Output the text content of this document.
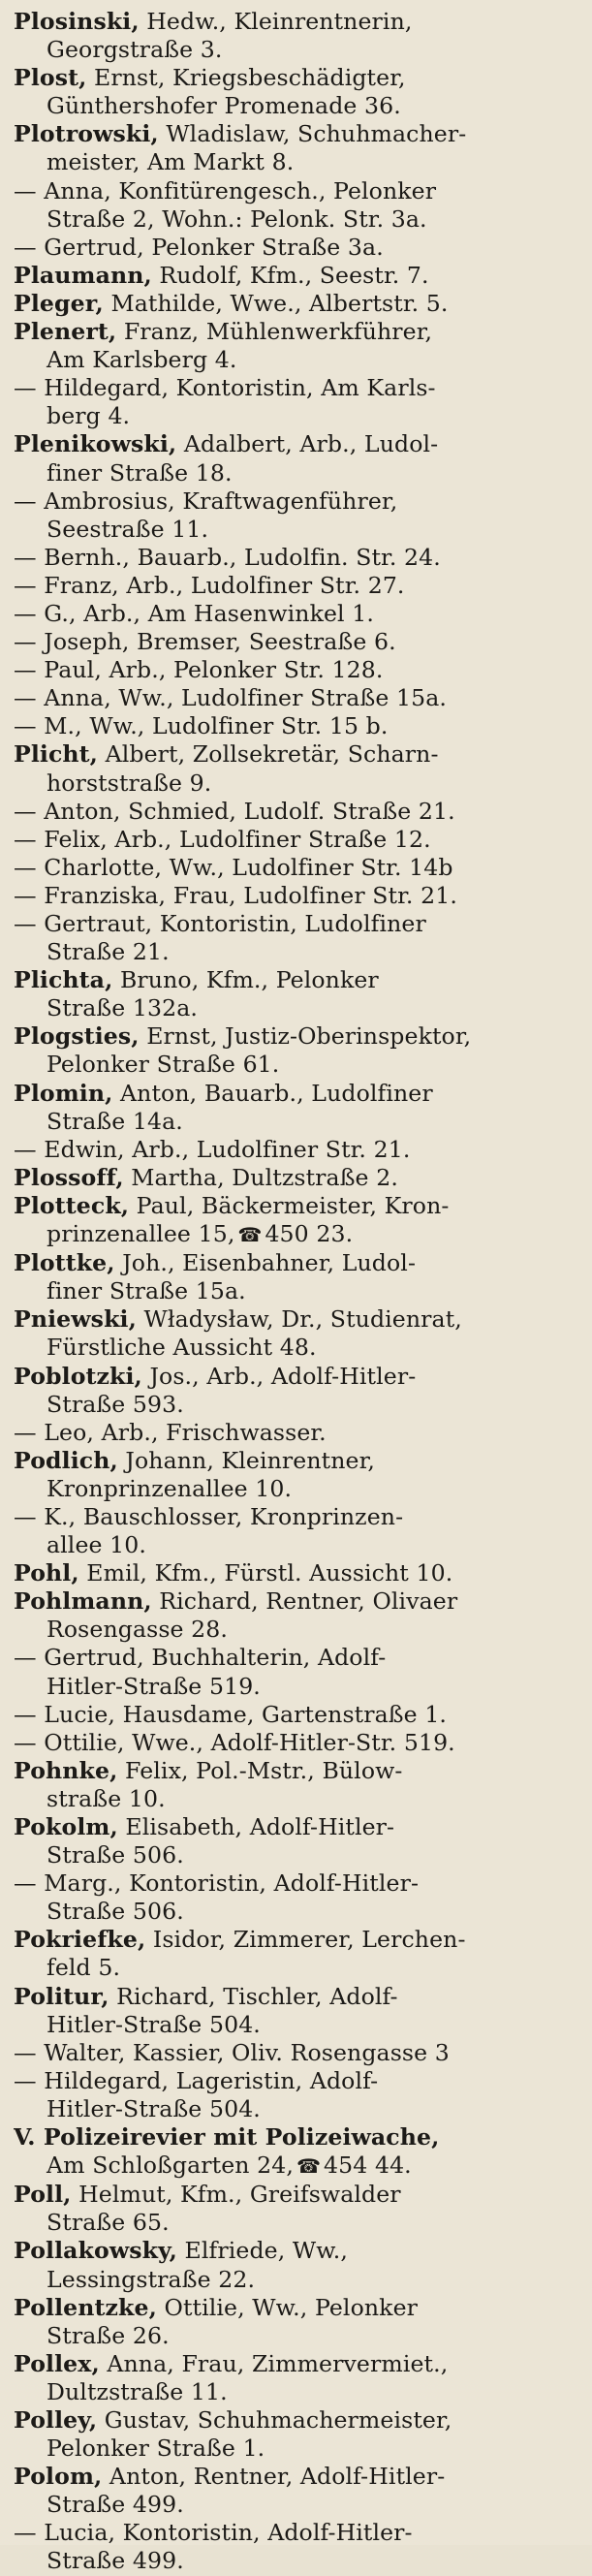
Plosinski, Hedw., Kleinrentnerin,
Georgstraße 3.
Plost, Ernst, Kriegsbeschädigter,
Günthershofer Promenade 36.
Plotrowski, Wladislaw, Schuhmacher-
meister, Am Markt 8.
— Anna, Konfitürengesch., Pelonker
Straße 2, Wohn.: Pelonk. Str. 3a.
— Gertrud, Pelonker Straße 3a.
Plaumann, Rudolf, Kfm., Seestr. 7.
Pleger, Mathilde, Wwe., Albertstr. 5.
Plenert, Franz, Mühlenwerkführer,
Am Karlsberg 4.
— Hildegard, Kontoristin, Am Karls-
berg 4.
Plenikowski, Adalbert, Arb., Ludol-
finer Straße 18.
— Ambrosius, Kraftwagenführer,
Seestraße 11.
— Bernh., Bauarb., Ludolfin. Str. 24.
— Franz, Arb., Ludolfiner Str. 27.
— G., Arb., Am Hasenwinkel 1.
— Joseph, Bremser, Seestraße 6.
— Paul, Arb., Pelonker Str. 128.
— Anna, Ww., Ludolfiner Straße 15a.
— M., Ww., Ludolfiner Str. 15 b.
Plicht, Albert, Zollsekretär, Scharn-
horststraße 9.
— Anton, Schmied, Ludolf. Straße 21.
— Felix, Arb., Ludolfiner Straße 12.
— Charlotte, Ww., Ludolfiner Str. 14b
— Franziska, Frau, Ludolfiner Str. 21.
— Gertraut, Kontoristin, Ludolfiner
Straße 21.
Plichta, Bruno, Kfm., Pelonker
Straße 132a.
Plogsties, Ernst, Justiz-Oberinspektor,
Pelonker Straße 61.
Plomin, Anton, Bauarb., Ludolfiner
Straße 14a.
— Edwin, Arb., Ludolfiner Str. 21.
Plossoff, Martha, Dultzstraße 2.
Plotteck, Paul, Bäckermeister, Kron-
prinzenallee 15, ☎ 450 23.
Plottke, Joh., Eisenbahner, Ludol-
finer Straße 15a.
Pniewski, Władysław, Dr., Studienrat,
Fürstliche Aussicht 48.
Poblotzki, Jos., Arb., Adolf-Hitler-
Straße 593.
— Leo, Arb., Frischwasser.
Podlich, Johann, Kleinrentner,
Kronprinzenallee 10.
— K., Bauschlosser, Kronprinzen-
allee 10.
Pohl, Emil, Kfm., Fürstl. Aussicht 10.
Pohlmann, Richard, Rentner, Olivaer
Rosengasse 28.
— Gertrud, Buchhalterin, Adolf-
Hitler-Straße 519.
— Lucie, Hausdame, Gartenstraße 1.
— Ottilie, Wwe., Adolf-Hitler-Str. 519.
Pohnke, Felix, Pol.-Mstr., Bülow-
straße 10.
Pokolm, Elisabeth, Adolf-Hitler-
Straße 506.
— Marg., Kontoristin, Adolf-Hitler-
Straße 506.
Pokriefke, Isidor, Zimmerer, Lerchen-
feld 5.
Politur, Richard, Tischler, Adolf-
Hitler-Straße 504.
— Walter, Kassier, Oliv. Rosengasse 3
— Hildegard, Lageristin, Adolf-
Hitler-Straße 504.
V. Polizeirevier mit Polizeiwache,
Am Schloßgarten 24, ☎ 454 44.
Poll, Helmut, Kfm., Greifswalder
Straße 65.
Pollakowsky, Elfriede, Ww.,
Lessingstraße 22.
Pollentzke, Ottilie, Ww., Pelonker
Straße 26.
Pollex, Anna, Frau, Zimmervermiet.,
Dultzstraße 11.
Polley, Gustav, Schuhmachermeister,
Pelonker Straße 1.
Polom, Anton, Rentner, Adolf-Hitler-
Straße 499.
— Lucia, Kontoristin, Adolf-Hitler-
Straße 499.
